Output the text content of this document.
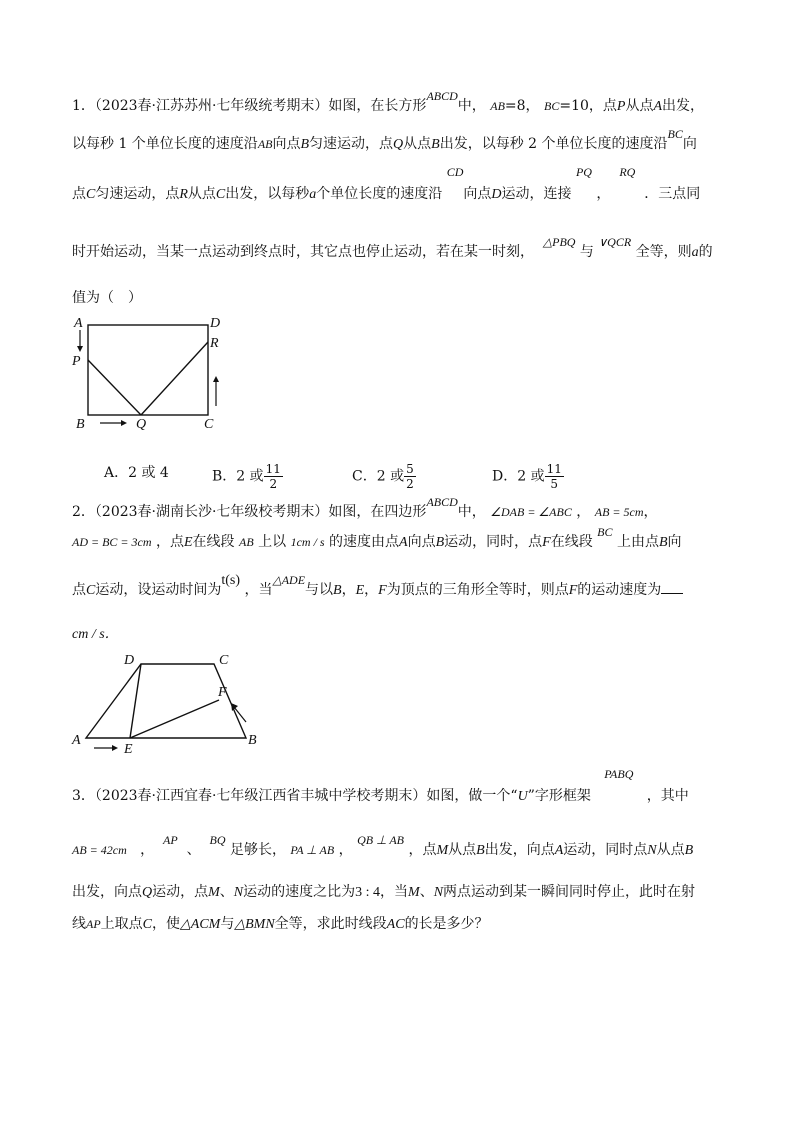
1．（2023春·江苏苏州·七年级统考期末）如图，在长方形ABCD中， AB=8， BC=10，点P从点A出发，
以每秒 1 个单位长度的速度沿AB向点B匀速运动，点Q从点B出发，以每秒 2 个单位长度的速度沿BC向
点C匀速运动，点R从点C出发，以每秒a个单位长度的速度沿 CD向点D运动，连接 PQ ，  RQ  ．三点同
时开始运动，当某一点运动到终点时，其它点也停止运动，若在某一时刻，  △PBQ 与 ∨QCR 全等，则a的
值为（　）
A	D
P
R
B	Q	C
A．2 或 4	B．2 或 $\frac{11}{2}$	C．2 或 $\frac{5}{2}$	D．2 或 $\frac{11}{5}$
2．（2023春·湖南长沙·七年级校考期末）如图，在四边形ABCD中， ∠DAB = ∠ABC ， AB = 5cm，
AD = BC = 3cm ，点E在线段 AB 上以 1cm / s 的速度由点A向点B运动，同时，点F在线段 BC 上由点B向
点C运动，设运动时间为t(s) ，当△ADE与以B，E，F为顶点的三角形全等时，则点F的运动速度为
cm / s．
A	B
C
D
E
F
3．（2023春·江西宜春·七年级江西省丰城中学校考期末）如图，做一个“U”字形框架   PABQ   ，其中
AB = 42cm ，  AP  、  BQ 足够长， PA ⊥ AB ， QB ⊥ AB ，点M从点B出发，向点A运动，同时点N从点B
出发，向点Q运动，点M、N运动的速度之比为3 : 4，当M、N两点运动到某一瞬间同时停止，此时在射
线AP上取点C，使△ACM与△BMN全等，求此时线段AC的长是多少？
